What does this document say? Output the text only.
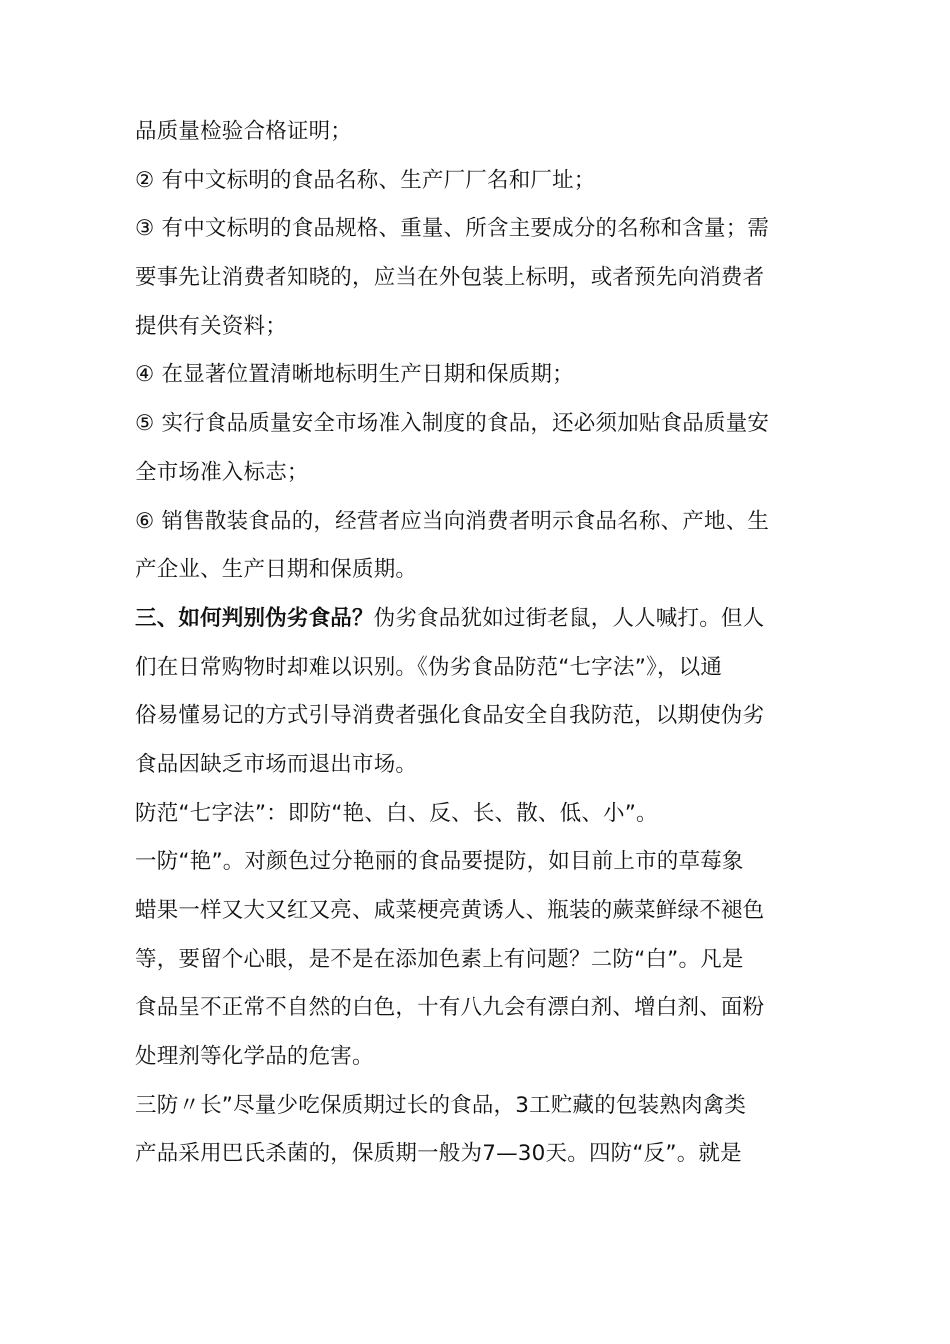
品质量检验合格证明；
② 有中文标明的食品名称、生产厂厂名和厂址；
③ 有中文标明的食品规格、重量、所含主要成分的名称和含量；需
要事先让消费者知晓的，应当在外包装上标明，或者预先向消费者
提供有关资料；
④ 在显著位置清晰地标明生产日期和保质期；
⑤ 实行食品质量安全市场准入制度的食品，还必须加贴食品质量安
全市场准入标志；
⑥ 销售散装食品的，经营者应当向消费者明示食品名称、产地、生
产企业、生产日期和保质期。
三、如何判别伪劣食品？伪劣食品犹如过街老鼠，人人喊打。但人
们在日常购物时却难以识别。《伪劣食品防范“七字法”》，以通
俗易懂易记的方式引导消费者强化食品安全自我防范，以期使伪劣
食品因缺乏市场而退出市场。
防范“七字法”：即防“艳、白、反、长、散、低、小”。
一防“艳”。对颜色过分艳丽的食品要提防，如目前上市的草莓象
蜡果一样又大又红又亮、咸菜梗亮黄诱人、瓶装的蕨菜鲜绿不褪色
等，要留个心眼，是不是在添加色素上有问题？二防“白”。凡是
食品呈不正常不自然的白色，十有八九会有漂白剂、增白剂、面粉
处理剂等化学品的危害。
三防〃长”尽量少吃保质期过长的食品，3工贮藏的包装熟肉禽类
产品采用巴氏杀菌的，保质期一般为7—30天。四防“反”。就是
